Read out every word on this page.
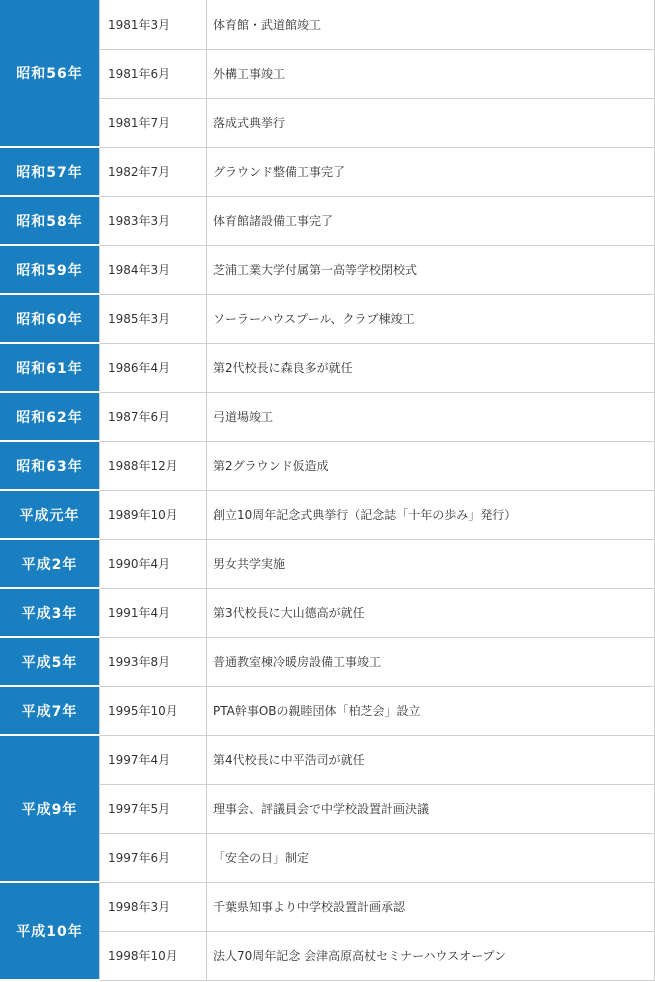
昭和56年	1981年3月	体育館・武道館竣工
	1981年6月	外構工事竣工
	1981年7月	落成式典挙行
昭和57年	1982年7月	グラウンド整備工事完了
昭和58年	1983年3月	体育館諸設備工事完了
昭和59年	1984年3月	芝浦工業大学付属第一高等学校閉校式
昭和60年	1985年3月	ソーラーハウスプール、クラブ棟竣工
昭和61年	1986年4月	第2代校長に森良多が就任
昭和62年	1987年6月	弓道場竣工
昭和63年	1988年12月	第2グラウンド仮造成
平成元年	1989年10月	創立10周年記念式典挙行（記念誌「十年の歩み」発行）
平成2年	1990年4月	男女共学実施
平成3年	1991年4月	第3代校長に大山德高が就任
平成5年	1993年8月	普通教室棟冷暖房設備工事竣工
平成7年	1995年10月	PTA幹事OBの親睦団体「柏芝会」設立
平成9年	1997年4月	第4代校長に中平浩司が就任
	1997年5月	理事会、評議員会で中学校設置計画決議
	1997年6月	「安全の日」制定
平成10年	1998年3月	千葉県知事より中学校設置計画承認
	1998年10月	法人70周年記念 会津高原高杖セミナーハウスオープン
